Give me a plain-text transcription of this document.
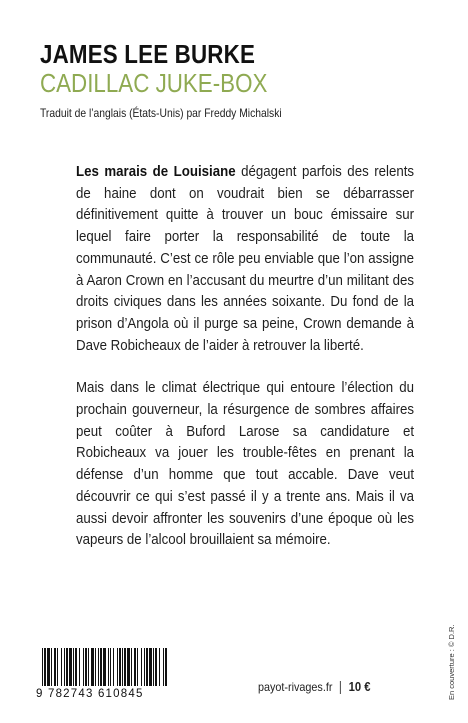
JAMES LEE BURKE
CADILLAC JUKE-BOX
Traduit de l’anglais (États-Unis) par Freddy Michalski

Les marais de Louisiane dégagent parfois des relents de haine dont on voudrait bien se débarrasser définitivement quitte à trouver un bouc émissaire sur lequel faire porter la responsabilité de toute la communauté. C’est ce rôle peu enviable que l’on assigne à Aaron Crown en l’accusant du meurtre d’un militant des droits civiques dans les années soixante. Du fond de la prison d’Angola où il purge sa peine, Crown demande à Dave Robicheaux de l’aider à retrouver la liberté.

Mais dans le climat électrique qui entoure l’élection du prochain gouverneur, la résurgence de sombres affaires peut coûter à Buford Larose sa candidature et Robicheaux va jouer les trouble-fêtes en prenant la défense d’un homme que tout accable. Dave veut découvrir ce qui s’est passé il y a trente ans. Mais il va aussi devoir affronter les souvenirs d’une époque où les vapeurs de l’alcool brouillaient sa mémoire.

9 782743 610845	payot-rivages.fr 10 €	En couverture : © D.R.
